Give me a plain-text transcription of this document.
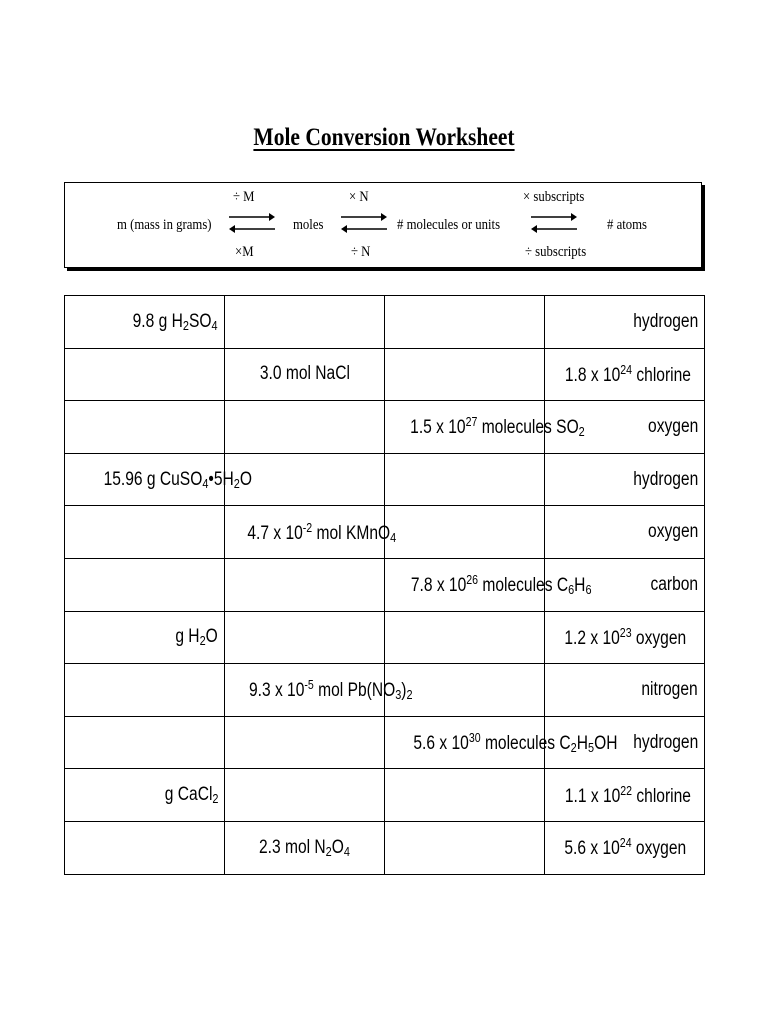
Mole Conversion Worksheet
÷ M
×M
m (mass in grams)	moles
× N
÷ N
# molecules or units
× subscripts
÷ subscripts
# atoms
9.8 g $H_2SO_4$			hydrogen
	3.0 mol NaCl		1.8 x $10^{24}$ chlorine
		1.5 x $10^{27}$ molecules $SO_2$	oxygen
15.96 g $CuSO_4•5H_2O$			hydrogen
	4.7 x $10^{-2}$ mol KMnO$_4$		oxygen
		7.8 x $10^{26}$ molecules $C_6H_6$	carbon
g $H_2O$			1.2 x $10^{23}$ oxygen
	9.3 x $10^{-5}$ mol $Pb(NO_3)_2$		nitrogen
		5.6 x $10^{30}$ molecules $C_2H_5OH$	hydrogen
g CaCl$_2$			1.1 x $10^{22}$ chlorine
	2.3 mol $N_2O_4$		5.6 x $10^{24}$ oxygen
